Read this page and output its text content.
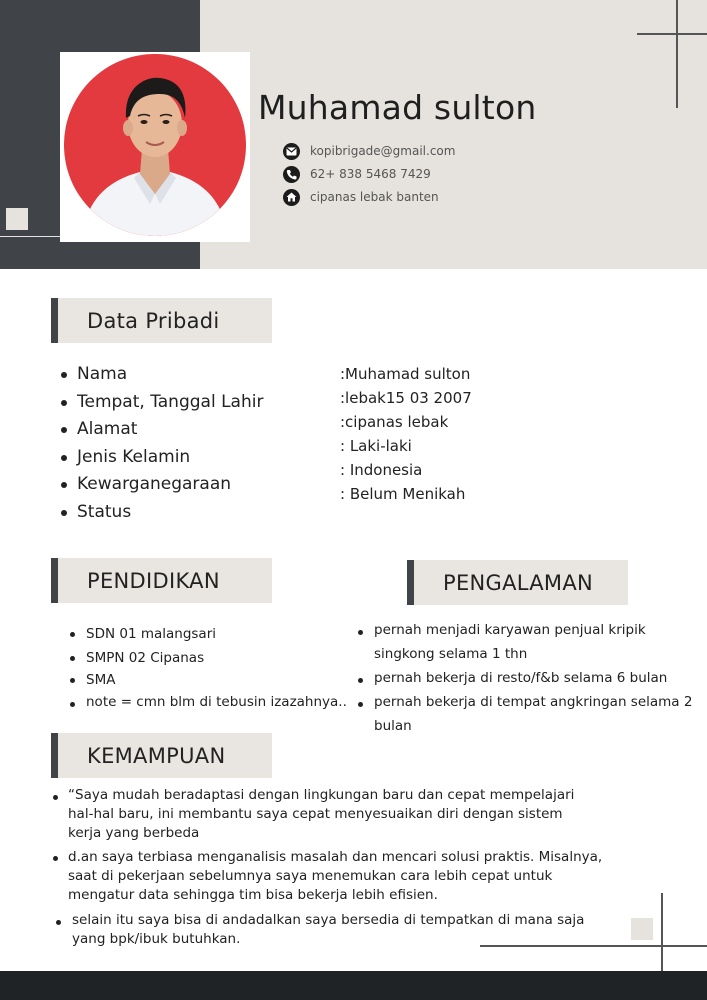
Muhamad sulton
kopibrigade@gmail.com
62+ 838 5468 7429
cipanas lebak banten
Data Pribadi
Nama
Tempat, Tanggal Lahir
Alamat
Jenis Kelamin
Kewarganegaraan
Status
:Muhamad sulton
:lebak15 03 2007
:cipanas lebak
: Laki-laki
: Indonesia
: Belum Menikah
PENDIDIKAN
SDN 01 malangsari
SMPN 02 Cipanas
SMA
note = cmn blm di tebusin izazahnya..
PENGALAMAN
pernah menjadi karyawan penjual kripik
singkong selama 1 thn
pernah bekerja di resto/f&b selama 6 bulan
pernah bekerja di tempat angkringan selama 2
bulan
KEMAMPUAN
“Saya mudah beradaptasi dengan lingkungan baru dan cepat mempelajari
hal-hal baru, ini membantu saya cepat menyesuaikan diri dengan sistem
kerja yang berbeda
d.an saya terbiasa menganalisis masalah dan mencari solusi praktis. Misalnya,
saat di pekerjaan sebelumnya saya menemukan cara lebih cepat untuk
mengatur data sehingga tim bisa bekerja lebih efisien.
selain itu saya bisa di andadalkan saya bersedia di tempatkan di mana saja
yang bpk/ibuk butuhkan.
